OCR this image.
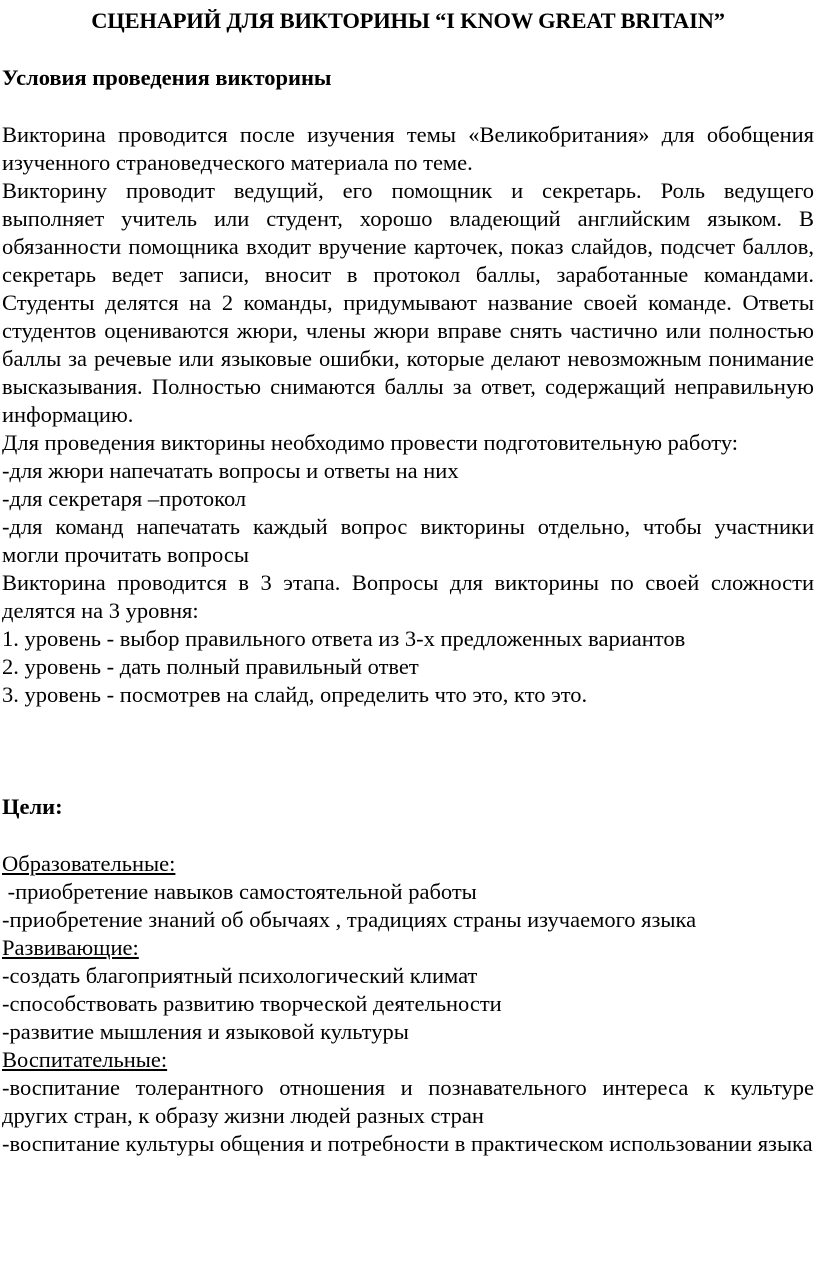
СЦЕНАРИЙ ДЛЯ ВИКТОРИНЫ “I KNOW GREAT BRITAIN”

Условия проведения викторины

Викторина проводится после изучения темы «Великобритания» для обобщения изученного страноведческого материала по теме.

Викторину проводит ведущий, его помощник и секретарь. Роль ведущего выполняет учитель или студент, хорошо владеющий английским языком. В обязанности помощника входит вручение карточек, показ слайдов, подсчет баллов, секретарь ведет записи, вносит в протокол баллы, заработанные командами. Студенты делятся на 2 команды, придумывают название своей команде. Ответы студентов оцениваются жюри, члены жюри вправе снять частично или полностью баллы за речевые или языковые ошибки, которые делают невозможным понимание высказывания. Полностью снимаются баллы за ответ, содержащий неправильную информацию.

Для проведения викторины необходимо провести подготовительную работу:

-для жюри напечатать вопросы и ответы на них

-для секретаря –протокол

-для команд напечатать каждый вопрос викторины отдельно, чтобы участники могли прочитать вопросы

Викторина проводится в 3 этапа. Вопросы для викторины по своей сложности делятся на 3 уровня:

1. уровень - выбор правильного ответа из 3-х предложенных вариантов

2. уровень - дать полный правильный ответ

3. уровень - посмотрев на слайд, определить что это, кто это.

Цели:

Образовательные:

-приобретение навыков самостоятельной работы

-приобретение знаний об обычаях , традициях страны изучаемого языка

Развивающие:

-создать благоприятный психологический климат

-способствовать развитию творческой деятельности

-развитие мышления и языковой культуры

Воспитательные:

-воспитание толерантного отношения и познавательного интереса к культуре других стран, к образу жизни людей разных стран

-воспитание культуры общения и потребности в практическом использовании языка
